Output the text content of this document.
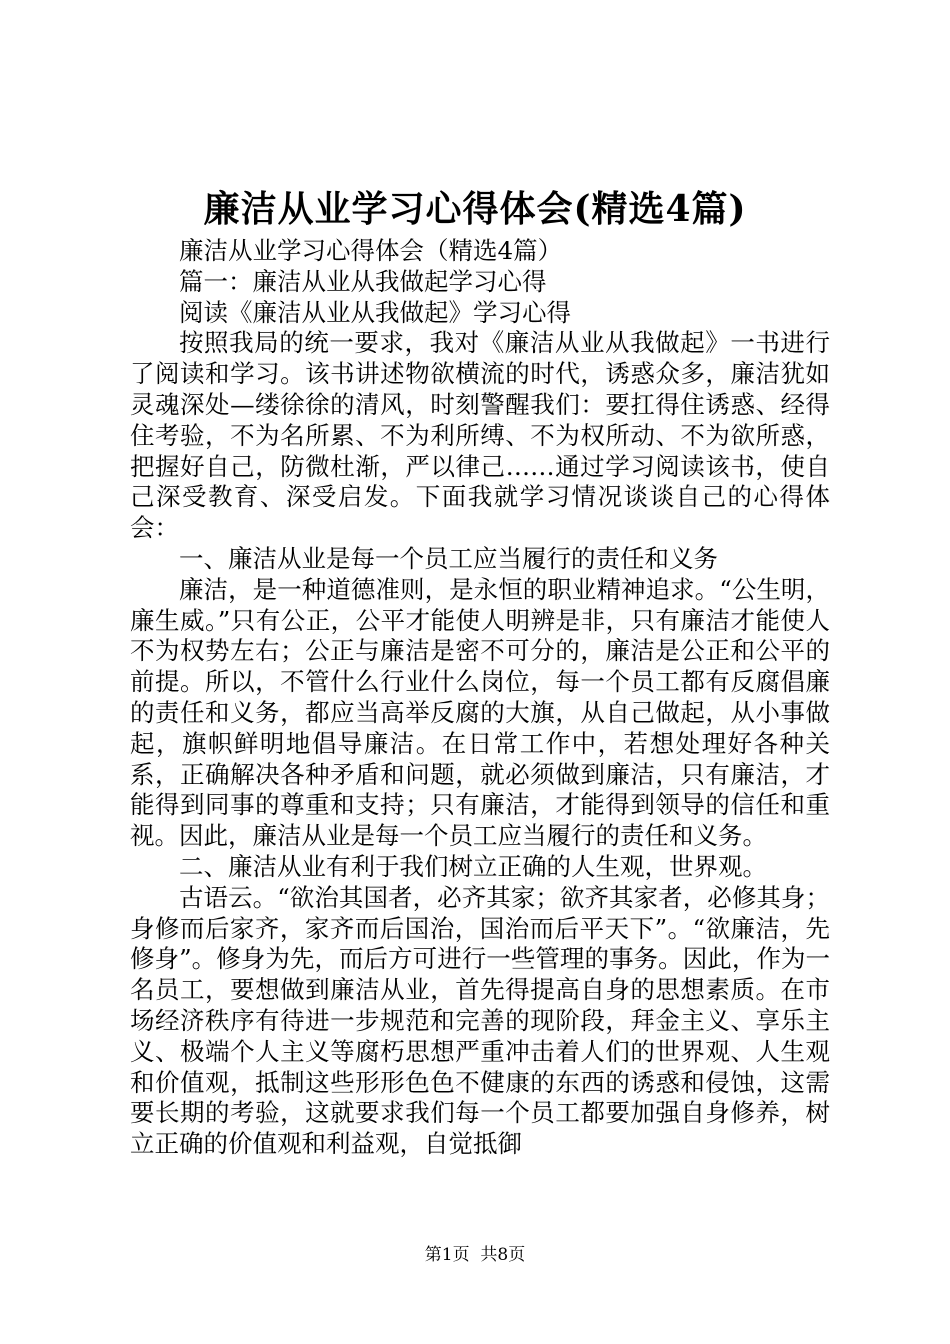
廉洁从业学习心得体会(精选4篇)

廉洁从业学习心得体会（精选4篇）

篇一：廉洁从业从我做起学习心得

阅读《廉洁从业从我做起》学习心得

按照我局的统一要求，我对《廉洁从业从我做起》一书进行了阅读和学习。该书讲述物欲横流的时代，诱惑众多，廉洁犹如灵魂深处—缕徐徐的清风，时刻警醒我们：要扛得住诱惑、经得住考验，不为名所累、不为利所缚、不为权所动、不为欲所惑，把握好自己，防微杜渐，严以律己……通过学习阅读该书，使自己深受教育、深受启发。下面我就学习情况谈谈自己的心得体会：

一、廉洁从业是每一个员工应当履行的责任和义务

廉洁，是一种道德准则，是永恒的职业精神追求。“公生明，廉生威。”只有公正，公平才能使人明辨是非，只有廉洁才能使人不为权势左右；公正与廉洁是密不可分的，廉洁是公正和公平的前提。所以，不管什么行业什么岗位，每一个员工都有反腐倡廉的责任和义务，都应当高举反腐的大旗，从自己做起，从小事做起，旗帜鲜明地倡导廉洁。在日常工作中，若想处理好各种关系，正确解决各种矛盾和问题，就必须做到廉洁，只有廉洁，才能得到同事的尊重和支持；只有廉洁，才能得到领导的信任和重视。因此，廉洁从业是每一个员工应当履行的责任和义务。

二、廉洁从业有利于我们树立正确的人生观，世界观。

古语云。“欲治其国者，必齐其家；欲齐其家者，必修其身；身修而后家齐，家齐而后国治，国治而后平天下”。“欲廉洁，先修身”。修身为先，而后方可进行一些管理的事务。因此，作为一名员工，要想做到廉洁从业，首先得提高自身的思想素质。在市场经济秩序有待进一步规范和完善的现阶段，拜金主义、享乐主义、极端个人主义等腐朽思想严重冲击着人们的世界观、人生观和价值观，抵制这些形形色色不健康的东西的诱惑和侵蚀，这需要长期的考验，这就要求我们每一个员工都要加强自身修养，树立正确的价值观和利益观，自觉抵御

第1页  共8页
